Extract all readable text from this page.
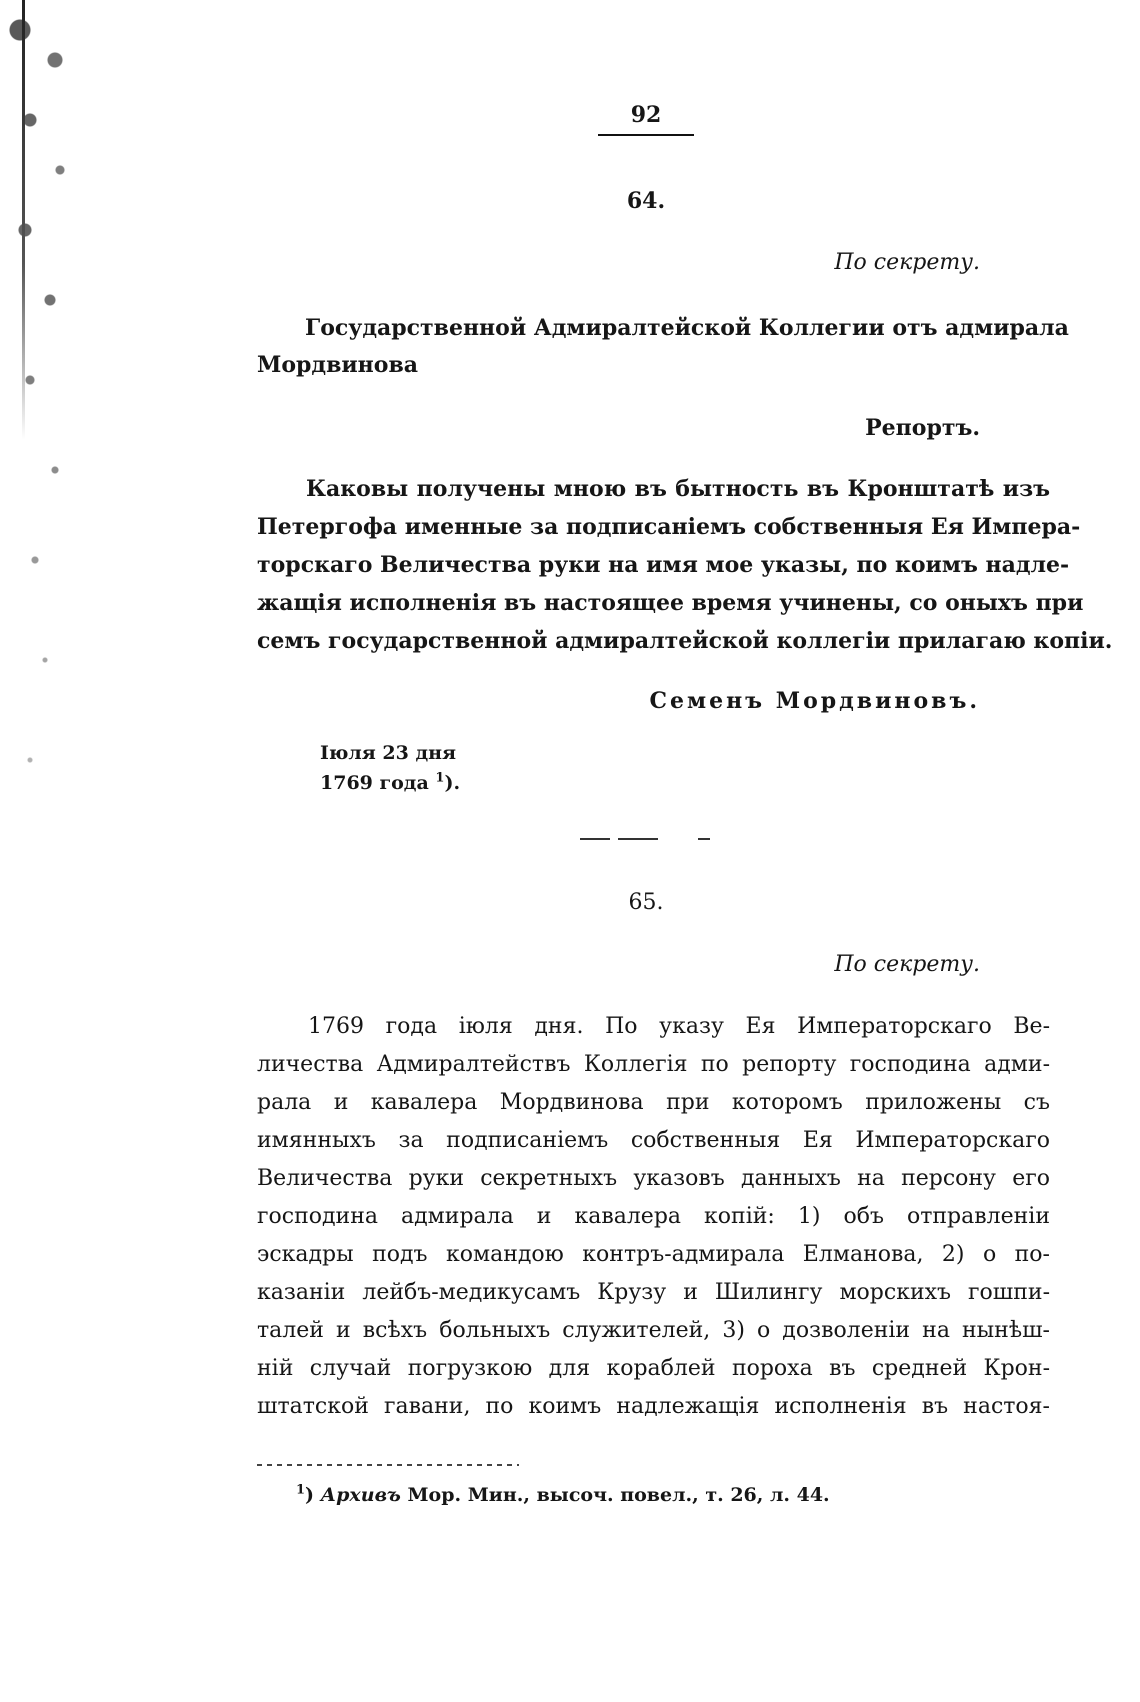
92

64.

По секрету.

Государственной Адмиралтейской Коллегии отъ адмирала

Мордвинова

Репортъ.

Каковы получены мною въ бытность въ Кронштатѣ изъ

Петергофа именные за подписаніемъ собственныя Ея Импера-

торскаго Величества руки на имя мое указы, по коимъ надле-

жащія исполненія въ настоящее время учинены, со оныхъ при

семъ государственной адмиралтейской коллегіи прилагаю копіи.

Семенъ Мордвиновъ.

Іюля 23 дня

1769 года $^1$).

65.

По секрету.

1769 года іюля дня. По указу Ея Императорскаго Ве-

личества Адмиралтействъ Коллегія по репорту господина адми-

рала и кавалера Мордвинова при которомъ приложены съ

имянныхъ за подписаніемъ собственныя Ея Императорскаго

Величества руки секретныхъ указовъ данныхъ на персону его

господина адмирала и кавалера копій: 1) объ отправленіи

эскадры подъ командою контръ-адмирала Елманова, 2) о по-

казаніи лейбъ-медикусамъ Крузу и Шилингу морскихъ гошпи-

талей и всѣхъ больныхъ служителей, 3) о дозволеніи на нынѣш-

ній случай погрузкою для кораблей пороха въ средней Крон-

штатской гавани, по коимъ надлежащія исполненія въ настоя-

$^1$) Архивъ Мор. Мин., высоч. повел., т. 26, л. 44.
